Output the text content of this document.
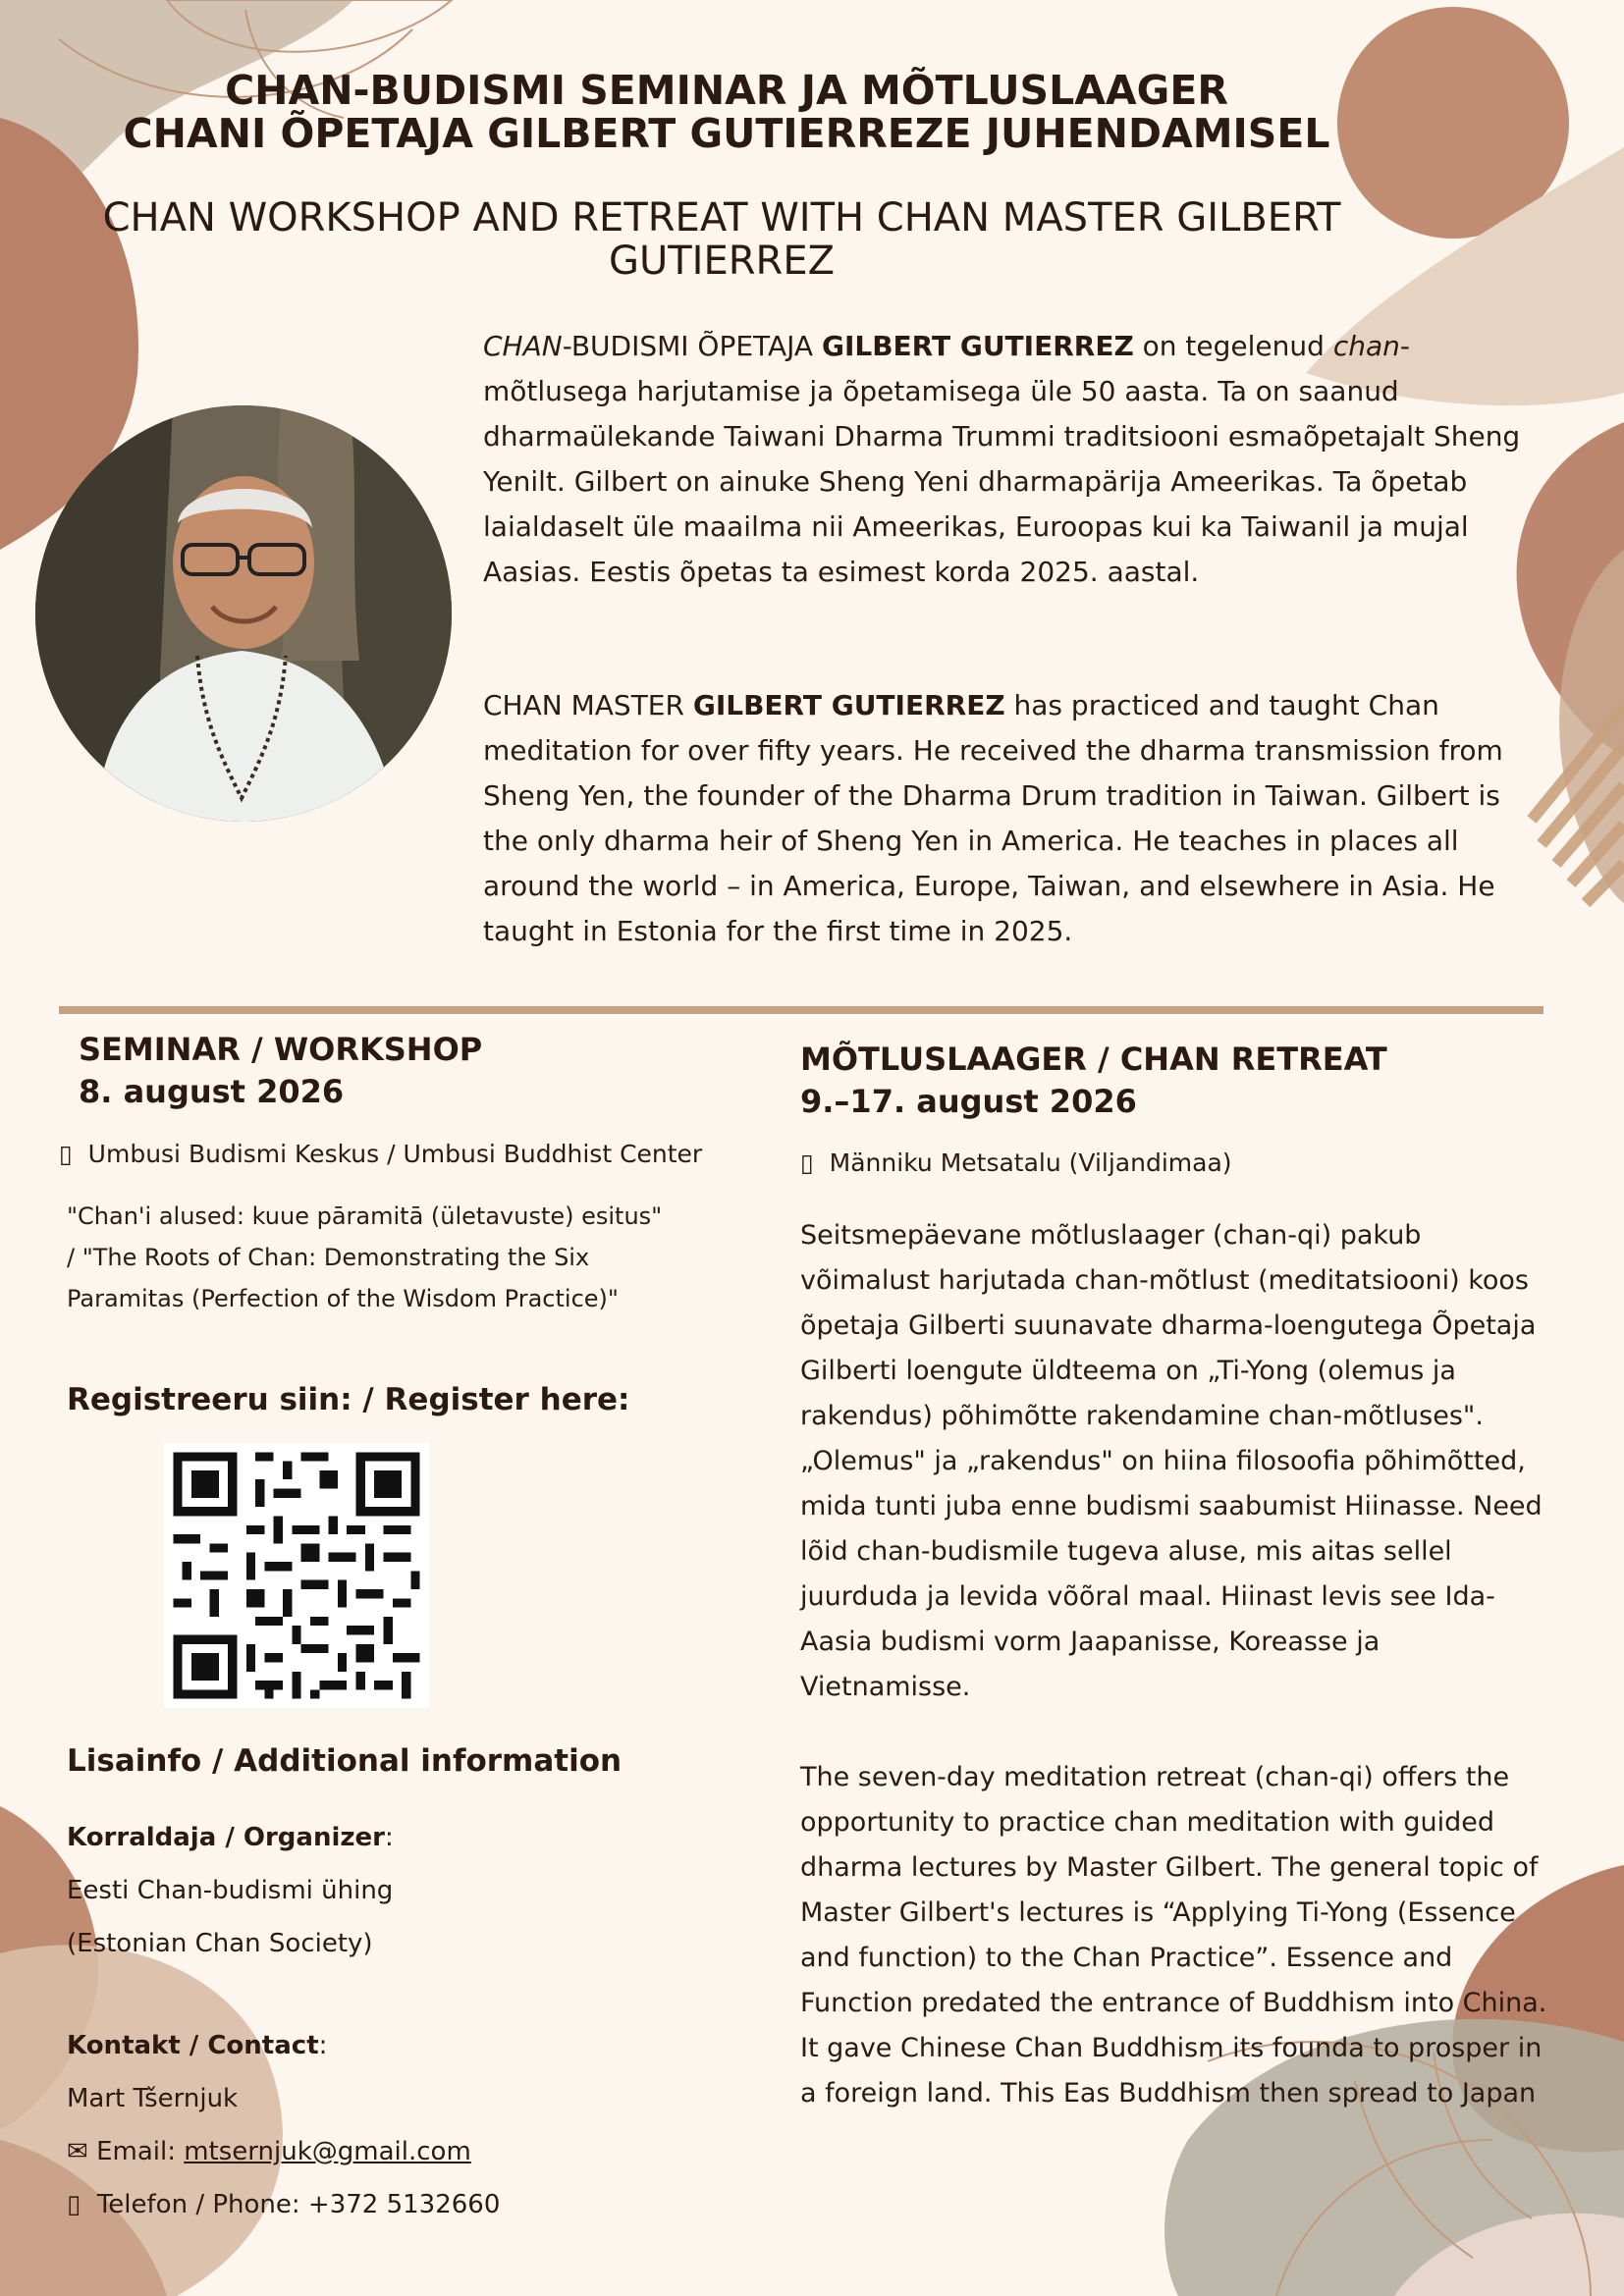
CHAN-BUDISMI SEMINAR JA MÕTLUSLAAGER
CHANI ÕPETAJA GILBERT GUTIERREZE JUHENDAMISEL
CHAN WORKSHOP AND RETREAT WITH CHAN MASTER GILBERT
GUTIERREZ

CHAN-BUDISMI ÕPETAJA GILBERT GUTIERREZ on tegelenud chan-mõtlusega harjutamise ja õpetamisega üle 50 aasta. Ta on saanud dharmaülekande Taiwani Dharma Trummi traditsiooni esmaõpetajalt Sheng Yenilt. Gilbert on ainuke Sheng Yeni dharmapärija Ameerikas. Ta õpetab laialdaselt üle maailma nii Ameerikas, Euroopas kui ka Taiwanil ja mujal Aasias. Eestis õpetas ta esimest korda 2025. aastal.

CHAN MASTER GILBERT GUTIERREZ has practiced and taught Chan meditation for over fifty years. He received the dharma transmission from Sheng Yen, the founder of the Dharma Drum tradition in Taiwan. Gilbert is the only dharma heir of Sheng Yen in America. He teaches in places all around the world – in America, Europe, Taiwan, and elsewhere in Asia. He taught in Estonia for the first time in 2025.

SEMINAR / WORKSHOP
8. august 2026
▯ Umbusi Budismi Keskus / Umbusi Buddhist Center
"Chan'i alused: kuue pāramitā (ületavuste) esitus"
/ "The Roots of Chan: Demonstrating the Six
Paramitas (Perfection of the Wisdom Practice)"
Registreeru siin: / Register here:
Lisainfo / Additional information
Korraldaja / Organizer:
Eesti Chan-budismi ühing
(Estonian Chan Society)
Kontakt / Contact:
Mart Tšernjuk
✉ Email: mtsernjuk@gmail.com
▯ Telefon / Phone: +372 5132660
MÕTLUSLAAGER / CHAN RETREAT
9.–17. august 2026
▯ Männiku Metsatalu (Viljandimaa)

Seitsmepäevane mõtluslaager (chan-qi) pakub võimalust harjutada chan-mõtlust (meditatsiooni) koos õpetaja Gilberti suunavate dharma-loengutega Õpetaja Gilberti loengute üldteema on „Ti-Yong (olemus ja rakendus) põhimõtte rakendamine chan-mõtluses". „Olemus" ja „rakendus" on hiina filosoofia põhimõtted, mida tunti juba enne budismi saabumist Hiinasse. Need lõid chan-budismile tugeva aluse, mis aitas sellel juurduda ja levida võõral maal. Hiinast levis see Ida-Aasia budismi vorm Jaapanisse, Koreasse ja Vietnamisse.

The seven-day meditation retreat (chan-qi) offers the opportunity to practice chan meditation with guided dharma lectures by Master Gilbert. The general topic of Master Gilbert's lectures is “Applying Ti-Yong (Essence and function) to the Chan Practice”. Essence and Function predated the entrance of Buddhism into China. It gave Chinese Chan Buddhism its founda to prosper in a foreign land. This Eas Buddhism then spread to Japan
